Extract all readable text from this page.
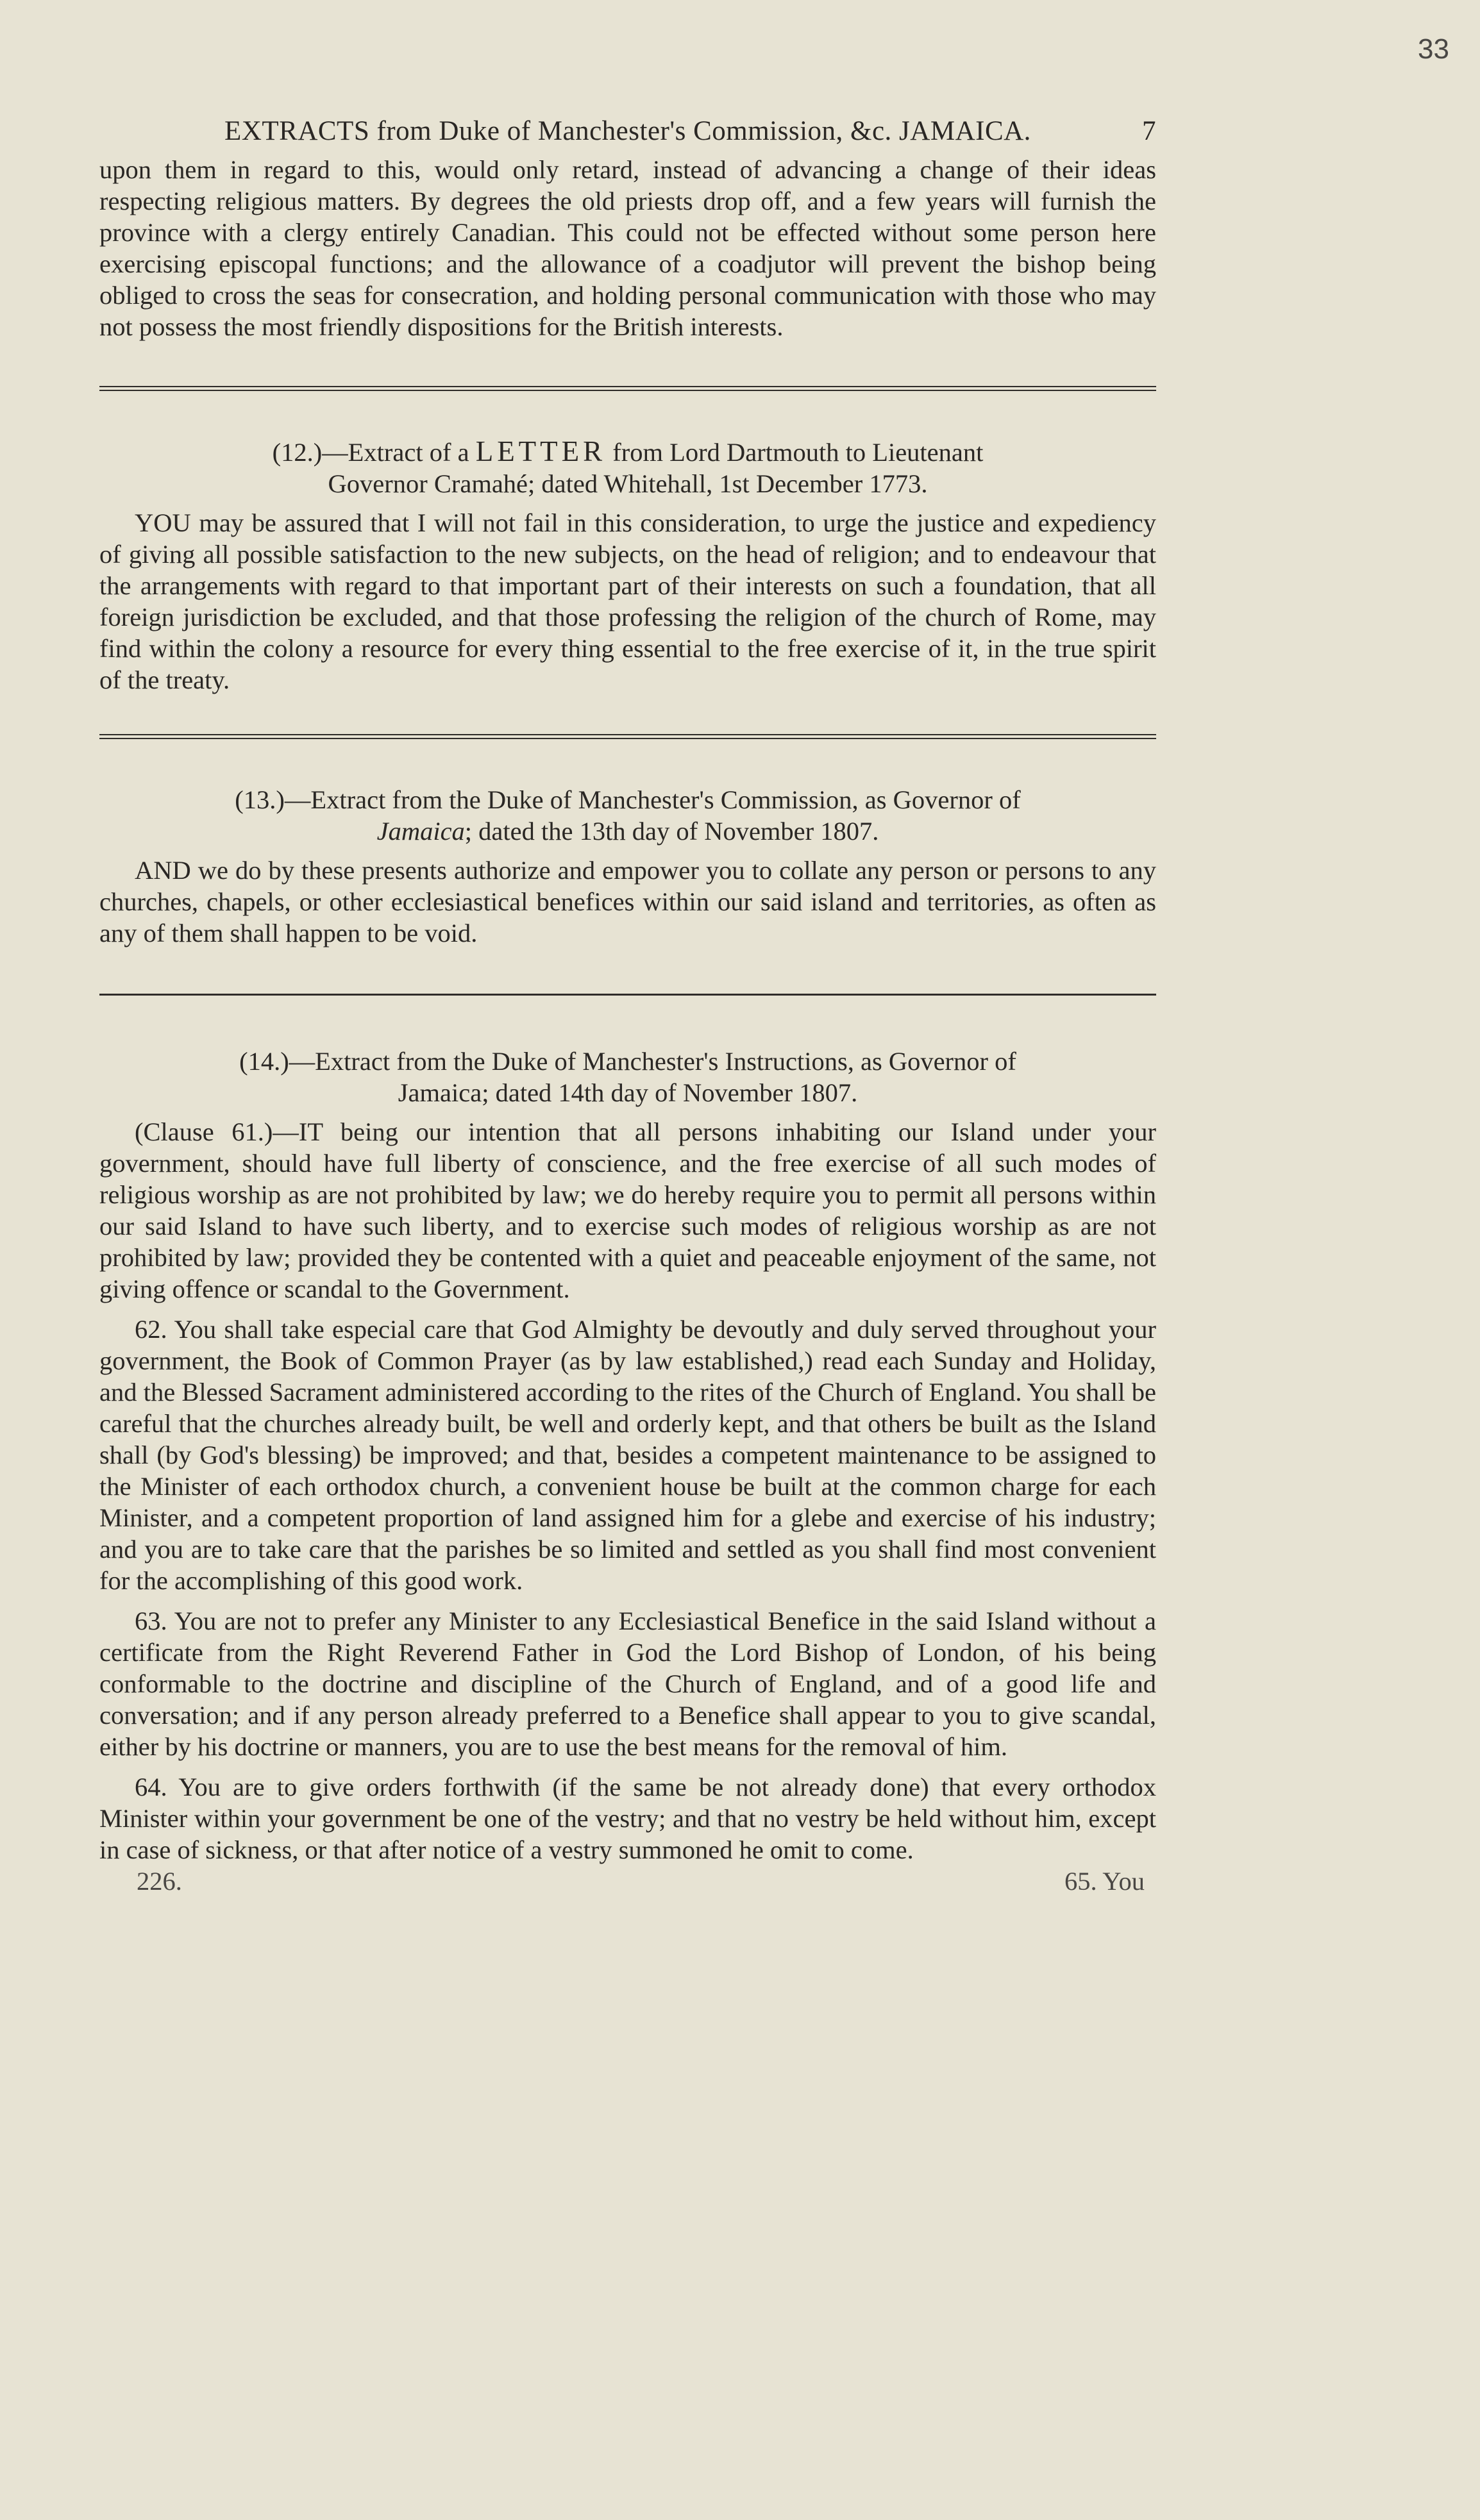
33
EXTRACTS from Duke of Manchester's Commission, &c. JAMAICA.	7

upon them in regard to this, would only retard, instead of advancing a change of their ideas respecting religious matters. By degrees the old priests drop off, and a few years will furnish the province with a clergy entirely Canadian. This could not be effected without some person here exercising episcopal functions; and the allowance of a coadjutor will prevent the bishop being obliged to cross the seas for consecration, and holding personal communication with those who may not possess the most friendly dispositions for the British interests.

(12.)—Extract of a LETTER from Lord Dartmouth to Lieutenant
Governor Cramahé; dated Whitehall, 1st December 1773.

YOU may be assured that I will not fail in this consideration, to urge the justice and expediency of giving all possible satisfaction to the new subjects, on the head of religion; and to endeavour that the arrangements with regard to that important part of their interests on such a foundation, that all foreign jurisdiction be excluded, and that those professing the religion of the church of Rome, may find within the colony a resource for every thing essential to the free exercise of it, in the true spirit of the treaty.

(13.)—Extract from the Duke of Manchester's Commission, as Governor of
Jamaica; dated the 13th day of November 1807.

AND we do by these presents authorize and empower you to collate any person or persons to any churches, chapels, or other ecclesiastical benefices within our said island and territories, as often as any of them shall happen to be void.

(14.)—Extract from the Duke of Manchester's Instructions, as Governor of
Jamaica; dated 14th day of November 1807.

(Clause 61.)—IT being our intention that all persons inhabiting our Island under your government, should have full liberty of conscience, and the free exercise of all such modes of religious worship as are not prohibited by law; we do hereby require you to permit all persons within our said Island to have such liberty, and to exercise such modes of religious worship as are not prohibited by law; provided they be contented with a quiet and peaceable enjoyment of the same, not giving offence or scandal to the Government.

62. You shall take especial care that God Almighty be devoutly and duly served throughout your government, the Book of Common Prayer (as by law established,) read each Sunday and Holiday, and the Blessed Sacrament administered according to the rites of the Church of England. You shall be careful that the churches already built, be well and orderly kept, and that others be built as the Island shall (by God's blessing) be improved; and that, besides a competent maintenance to be assigned to the Minister of each orthodox church, a convenient house be built at the common charge for each Minister, and a competent proportion of land assigned him for a glebe and exercise of his industry; and you are to take care that the parishes be so limited and settled as you shall find most convenient for the accomplishing of this good work.

63. You are not to prefer any Minister to any Ecclesiastical Benefice in the said Island without a certificate from the Right Reverend Father in God the Lord Bishop of London, of his being conformable to the doctrine and discipline of the Church of England, and of a good life and conversation; and if any person already preferred to a Benefice shall appear to you to give scandal, either by his doctrine or manners, you are to use the best means for the removal of him.

64. You are to give orders forthwith (if the same be not already done) that every orthodox Minister within your government be one of the vestry; and that no vestry be held without him, except in case of sickness, or that after notice of a vestry summoned he omit to come.

226.	65. You
